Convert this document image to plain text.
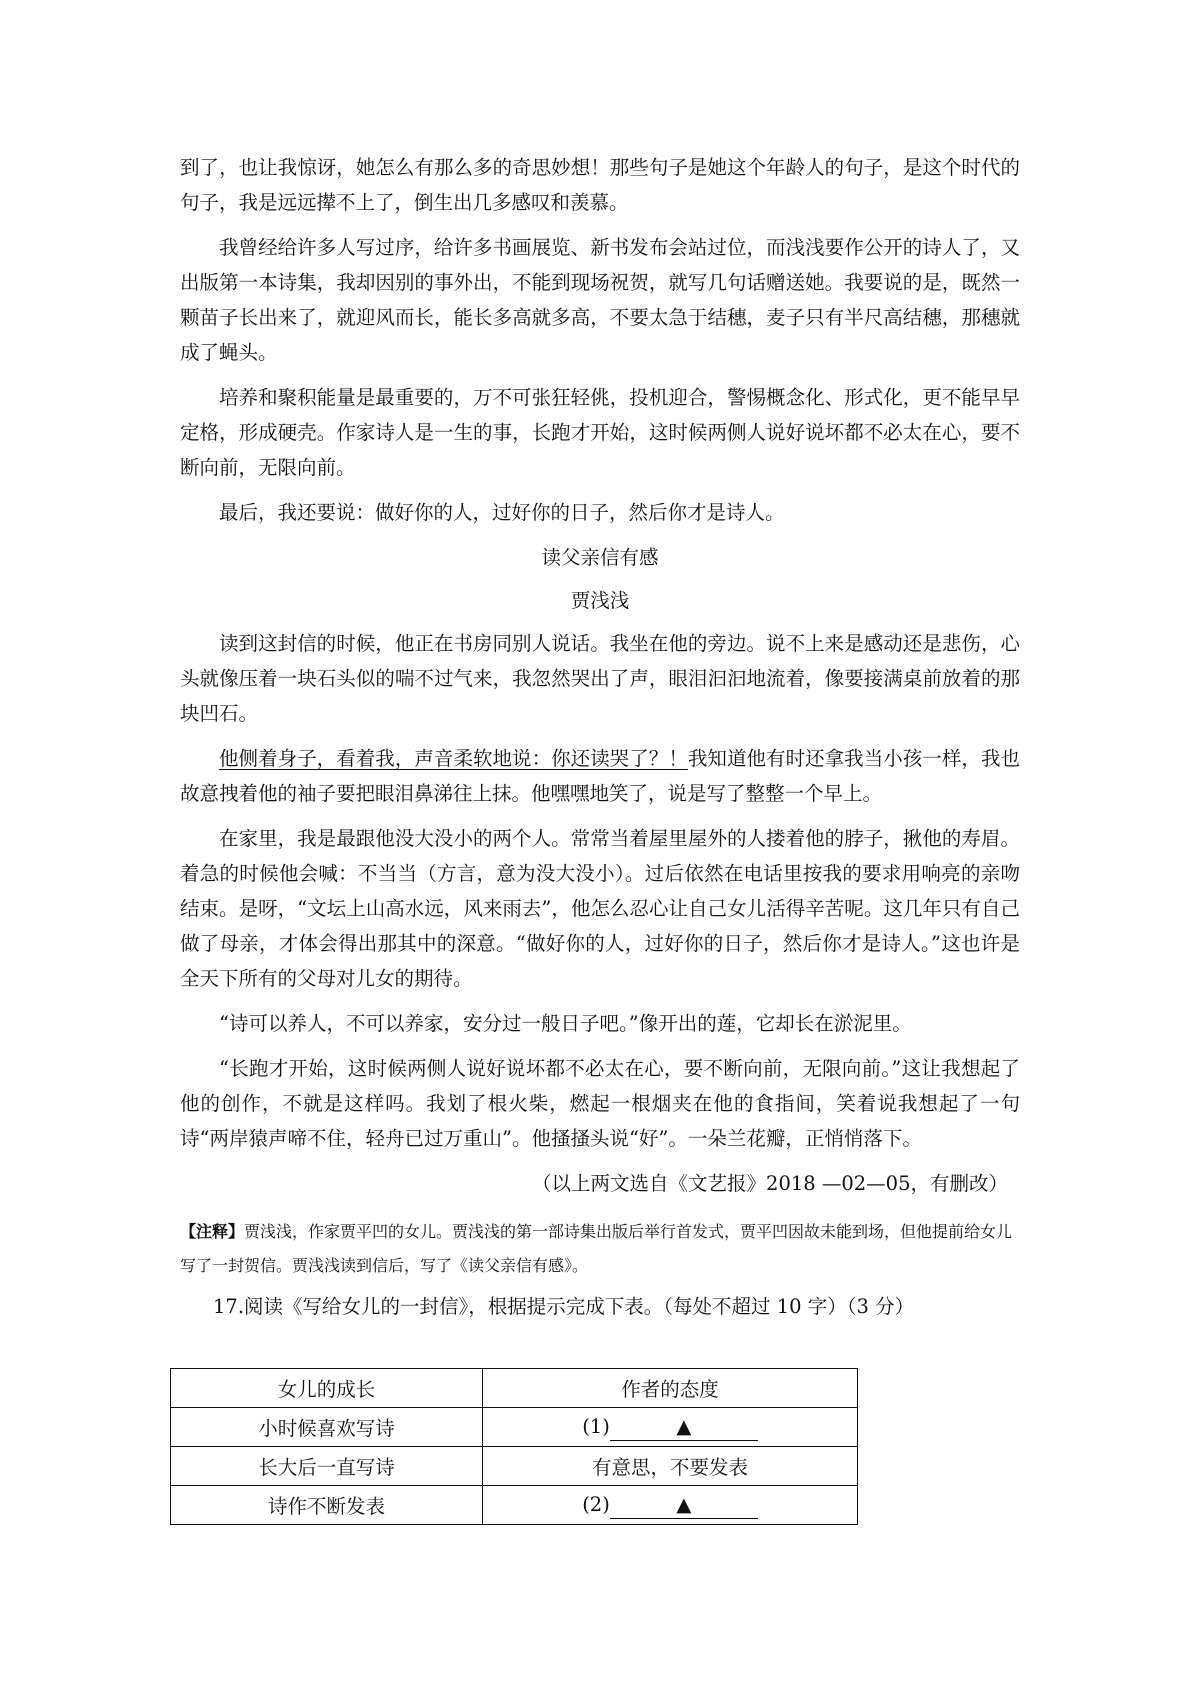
到了，也让我惊讶，她怎么有那么多的奇思妙想！那些句子是她这个年龄人的句子，是这个时代的句子，我是远远撵不上了，倒生出几多感叹和羡慕。

我曾经给许多人写过序，给许多书画展览、新书发布会站过位，而浅浅要作公开的诗人了，又出版第一本诗集，我却因别的事外出，不能到现场祝贺，就写几句话赠送她。我要说的是，既然一颗苗子长出来了，就迎风而长，能长多高就多高，不要太急于结穗，麦子只有半尺高结穗，那穗就成了蝇头。

培养和聚积能量是最重要的，万不可张狂轻佻，投机迎合，警惕概念化、形式化，更不能早早定格，形成硬壳。作家诗人是一生的事，长跑才开始，这时候两侧人说好说坏都不必太在心，要不断向前，无限向前。

最后，我还要说：做好你的人，过好你的日子，然后你才是诗人。

读父亲信有感

贾浅浅

读到这封信的时候，他正在书房同别人说话。我坐在他的旁边。说不上来是感动还是悲伤，心头就像压着一块石头似的喘不过气来，我忽然哭出了声，眼泪汩汩地流着，像要接满桌前放着的那块凹石。

他侧着身子，看着我，声音柔软地说：你还读哭了？！我知道他有时还拿我当小孩一样，我也故意拽着他的袖子要把眼泪鼻涕往上抹。他嘿嘿地笑了，说是写了整整一个早上。

在家里，我是最跟他没大没小的两个人。常常当着屋里屋外的人搂着他的脖子，揪他的寿眉。着急的时候他会喊：不当当（方言，意为没大没小）。过后依然在电话里按我的要求用响亮的亲吻结束。是呀，“文坛上山高水远，风来雨去”，他怎么忍心让自己女儿活得辛苦呢。这几年只有自己做了母亲，才体会得出那其中的深意。“做好你的人，过好你的日子，然后你才是诗人。”这也许是全天下所有的父母对儿女的期待。

“诗可以养人，不可以养家，安分过一般日子吧。”像开出的莲，它却长在淤泥里。

“长跑才开始，这时候两侧人说好说坏都不必太在心，要不断向前，无限向前。”这让我想起了他的创作，不就是这样吗。我划了根火柴，燃起一根烟夹在他的食指间，笑着说我想起了一句诗“两岸猿声啼不住，轻舟已过万重山”。他搔搔头说“好”。一朵兰花瓣，正悄悄落下。

（以上两文选自《文艺报》2018 —02—05，有删改）

【注释】贾浅浅，作家贾平凹的女儿。贾浅浅的第一部诗集出版后举行首发式，贾平凹因故未能到场，但他提前给女儿写了一封贺信。贾浅浅读到信后，写了《读父亲信有感》。

17.阅读《写给女儿的一封信》，根据提示完成下表。（每处不超过 10 字）（3 分）

女儿的成长	作者的态度
小时候喜欢写诗	(1) ▲
长大后一直写诗	有意思，不要发表
诗作不断发表	(2) ▲
